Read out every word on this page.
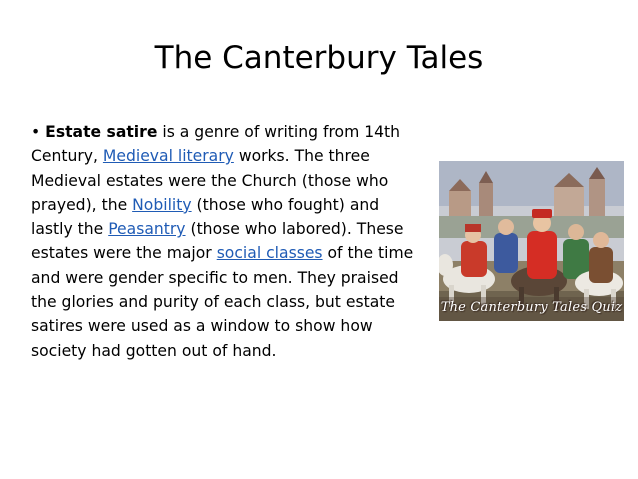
The Canterbury Tales
• Estate satire is a genre of writing from 14th Century, Medieval literary works. The three Medieval estates were the Church (those who prayed), the Nobility (those who fought) and lastly the Peasantry (those who labored). These estates were the major social classes of the time and were gender specific to men. They praised the glories and purity of each class, but estate satires were used as a window to show how society had gotten out of hand.
The Canterbury Tales Quiz
